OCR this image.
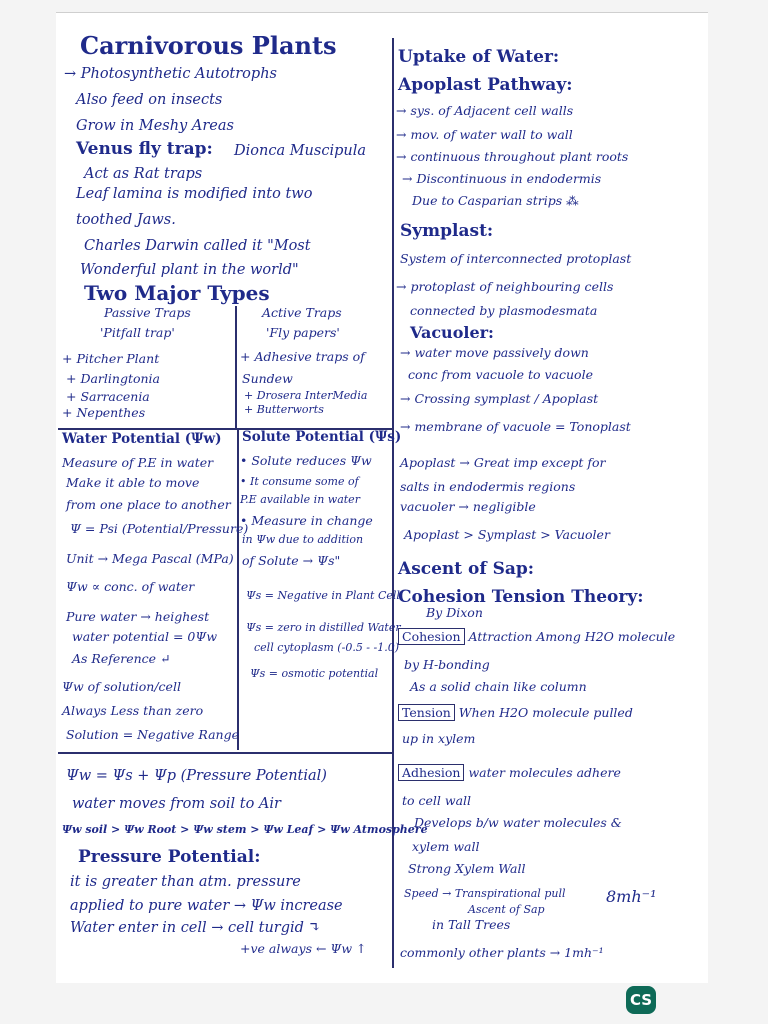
Carnivorous Plants
→ Photosynthetic Autotrophs
Also feed on insects
Grow in Meshy Areas
Venus fly trap: Dionca Muscipula
Act as Rat traps
Leaf lamina is modified into two
toothed Jaws.
Charles Darwin called it "Most
Wonderful plant in the world"
Two Major Types
Passive Traps
'Pitfall trap'
+ Pitcher Plant
+ Darlingtonia
+ Sarracenia
+ Nepenthes
Active Traps
'Fly papers'
+ Adhesive traps of
Sundew
+ Drosera InterMedia
+ Butterworts
Water Potential (Ψw)
Measure of P.E in water
Make it able to move
from one place to another
Ψ = Psi (Potential/Pressure)
Unit → Mega Pascal (MPa)
Ψw ∝ conc. of water
Pure water → heighest
water potential = 0Ψw
As Reference ↵
Ψw of solution/cell
Always Less than zero
Solution = Negative Range
Solute Potential (Ψs)
• Solute reduces Ψw
• It consume some of
P.E available in water
• Measure in change
in Ψw due to addition
of Solute → Ψs"
Ψs = Negative in Plant Cell
Ψs = zero in distilled Water
cell cytoplasm (-0.5 - -1.0)
Ψs = osmotic potential
Ψw = Ψs + Ψp (Pressure Potential)
water moves from soil to Air
Ψw soil > Ψw Root > Ψw stem > Ψw Leaf > Ψw Atmosphere
Pressure Potential:
it is greater than atm. pressure
applied to pure water → Ψw increase
Water enter in cell → cell turgid ↴
+ve always ← Ψw ↑
Uptake of Water:
Apoplast Pathway:
→ sys. of Adjacent cell walls
→ mov. of water wall to wall
→ continuous throughout plant roots
→ Discontinuous in endodermis
Due to Casparian strips ⁂
Symplast:
System of interconnected protoplast
→ protoplast of neighbouring cells
connected by plasmodesmata
Vacuoler:
→ water move passively down
conc from vacuole to vacuole
→ Crossing symplast / Apoplast
→ membrane of vacuole = Tonoplast
Apoplast → Great imp except for
salts in endodermis regions
vacuoler → negligible
Apoplast > Symplast > Vacuoler
Ascent of Sap:
Cohesion Tension Theory:
By Dixon
Cohesion Attraction Among H2O molecule
by H-bonding
As a solid chain like column
Tension When H2O molecule pulled
up in xylem
Adhesion water molecules adhere
to cell wall
Develops b/w water molecules &
xylem wall
Strong Xylem Wall
Speed → Transpirational pull	8mh⁻¹
Ascent of Sap
in Tall Trees
commonly other plants → 1mh⁻¹
CS
